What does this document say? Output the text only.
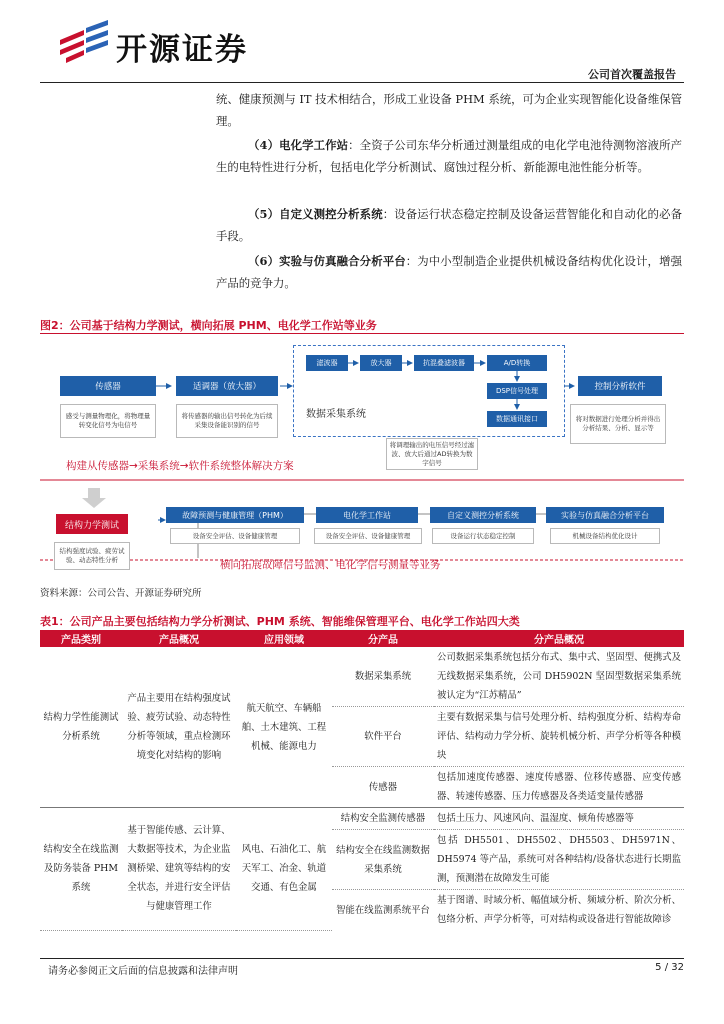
开源证券
公司首次覆盖报告
统、健康预测与 IT 技术相结合，形成工业设备 PHM 系统，可为企业实现智能化设备维保管理。
（4）电化学工作站：全资子公司东华分析通过测量组成的电化学电池待测物溶液所产生的电特性进行分析，包括电化学分析测试、腐蚀过程分析、新能源电池性能分析等。
（5）自定义测控分析系统：设备运行状态稳定控制及设备运营智能化和自动化的必备手段。
（6）实验与仿真融合分析平台：为中小型制造企业提供机械设备结构优化设计，增强产品的竞争力。
图2：公司基于结构力学测试，横向拓展 PHM、电化学工作站等业务
滤波器	放大器	抗混叠滤波器	A/D转换
DSP信号处理
数据通讯接口
数据采集系统
传感器
感受与测量物理化，将物理量转变化信号为电信号
适调器（放大器）
将传感器的输出信号转化为后续采集设备能识别的信号
将调理输出的电压信号经过滤波、放大后通过AD转换为数字信号
控制分析软件
将对数据进行处理分析并得出分析结果、分析、显示等
构建从传感器→采集系统→软件系统整体解决方案
结构力学测试
结构强度试验、疲劳试验、动态特性分析
故障预测与健康管理（PHM）
设备安全评估、设备健康管理
电化学工作站
设备安全评估、设备健康管理
自定义测控分析系统
设备运行状态稳定控制
实验与仿真融合分析平台
机械设备结构优化设计
横向拓展故障信号监测、电化学信号测量等业务
资料来源：公司公告、开源证券研究所
表1：公司产品主要包括结构力学分析测试、PHM 系统、智能维保管理平台、电化学工作站四大类
产品类别	产品概况	应用领域	分产品	分产品概况
结构力学性能测试分析系统	产品主要用在结构强度试验、疲劳试验、动态特性分析等领域，重点检测环境变化对结构的影响	航天航空、车辆船舶、土木建筑、工程机械、能源电力	数据采集系统	公司数据采集系统包括分布式、集中式、坚固型、便携式及无线数据采集系统，公司 DH5902N 坚固型数据采集系统被认定为“江苏精品”
			软件平台	主要有数据采集与信号处理分析、结构强度分析、结构寿命评估、结构动力学分析、旋转机械分析、声学分析等各种模块
			传感器	包括加速度传感器、速度传感器、位移传感器、应变传感器、转速传感器、压力传感器及各类适变量传感器
结构安全在线监测及防务装备 PHM 系统	基于智能传感、云计算、大数据等技术，为企业监测桥梁、建筑等结构的安全状态，并进行安全评估与健康管理工作	风电、石油化工、航天军工、冶金、轨道交通、有色金属	结构安全监测传感器	包括土压力、风速风向、温湿度、倾角传感器等
			结构安全在线监测数据采集系统	包括 DH5501、DH5502、DH5503、DH5971N、DH5974 等产品，系统可对各种结构/设备状态进行长期监测，预测潜在故障发生可能
			智能在线监测系统平台	基于图谱、时域分析、幅值域分析、频域分析、阶次分析、包络分析、声学分析等，可对结构或设备进行智能故障诊
请务必参阅正文后面的信息披露和法律声明	5 / 32
